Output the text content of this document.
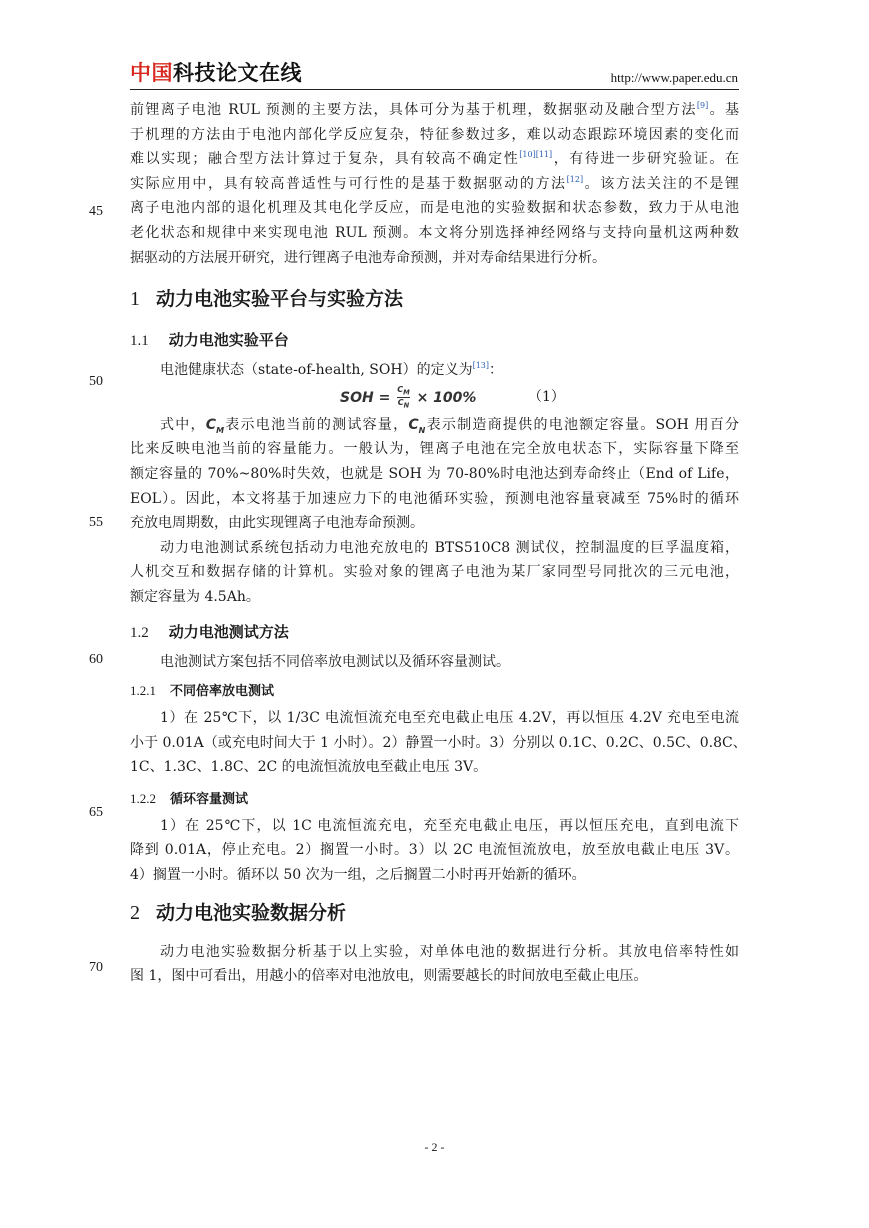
中国科技论文在线	http://www.paper.edu.cn
45
50
55
60
65
70
前锂离子电池 RUL 预测的主要方法，具体可分为基于机理，数据驱动及融合型方法[9]。基
于机理的方法由于电池内部化学反应复杂，特征参数过多，难以动态跟踪环境因素的变化而
难以实现；融合型方法计算过于复杂，具有较高不确定性[10][11]，有待进一步研究验证。在
实际应用中，具有较高普适性与可行性的是基于数据驱动的方法[12]。该方法关注的不是锂
离子电池内部的退化机理及其电化学反应，而是电池的实验数据和状态参数，致力于从电池
老化状态和规律中来实现电池 RUL 预测。本文将分别选择神经网络与支持向量机这两种数
据驱动的方法展开研究，进行锂离子电池寿命预测，并对寿命结果进行分析。
1 动力电池实验平台与实验方法
1.1 动力电池实验平台
电池健康状态（state-of-health, SOH）的定义为[13]：
SOH = $\frac{C_M}{C_N} \times 100\%$	（1）
式中，$C_M$表示电池当前的测试容量，$C_N$表示制造商提供的电池额定容量。SOH 用百分
比来反映电池当前的容量能力。一般认为，锂离子电池在完全放电状态下，实际容量下降至
额定容量的 70%~80%时失效，也就是 SOH 为 70-80%时电池达到寿命终止（End of Life，
EOL）。因此，本文将基于加速应力下的电池循环实验，预测电池容量衰减至 75%时的循环
充放电周期数，由此实现锂离子电池寿命预测。
动力电池测试系统包括动力电池充放电的 BTS510C8 测试仪，控制温度的巨孚温度箱，
人机交互和数据存储的计算机。实验对象的锂离子电池为某厂家同型号同批次的三元电池，
额定容量为 4.5Ah。
1.2 动力电池测试方法
电池测试方案包括不同倍率放电测试以及循环容量测试。
1.2.1 不同倍率放电测试
1）在 25℃下，以 1/3C 电流恒流充电至充电截止电压 4.2V，再以恒压 4.2V 充电至电流
小于 0.01A（或充电时间大于 1 小时）。2）静置一小时。3）分别以 0.1C、0.2C、0.5C、0.8C、
1C、1.3C、1.8C、2C 的电流恒流放电至截止电压 3V。
1.2.2 循环容量测试
1）在 25℃下，以 1C 电流恒流充电，充至充电截止电压，再以恒压充电，直到电流下
降到 0.01A，停止充电。2）搁置一小时。3）以 2C 电流恒流放电，放至放电截止电压 3V。
4）搁置一小时。循环以 50 次为一组，之后搁置二小时再开始新的循环。
2 动力电池实验数据分析
动力电池实验数据分析基于以上实验，对单体电池的数据进行分析。其放电倍率特性如
图 1，图中可看出，用越小的倍率对电池放电，则需要越长的时间放电至截止电压。
- 2 -
